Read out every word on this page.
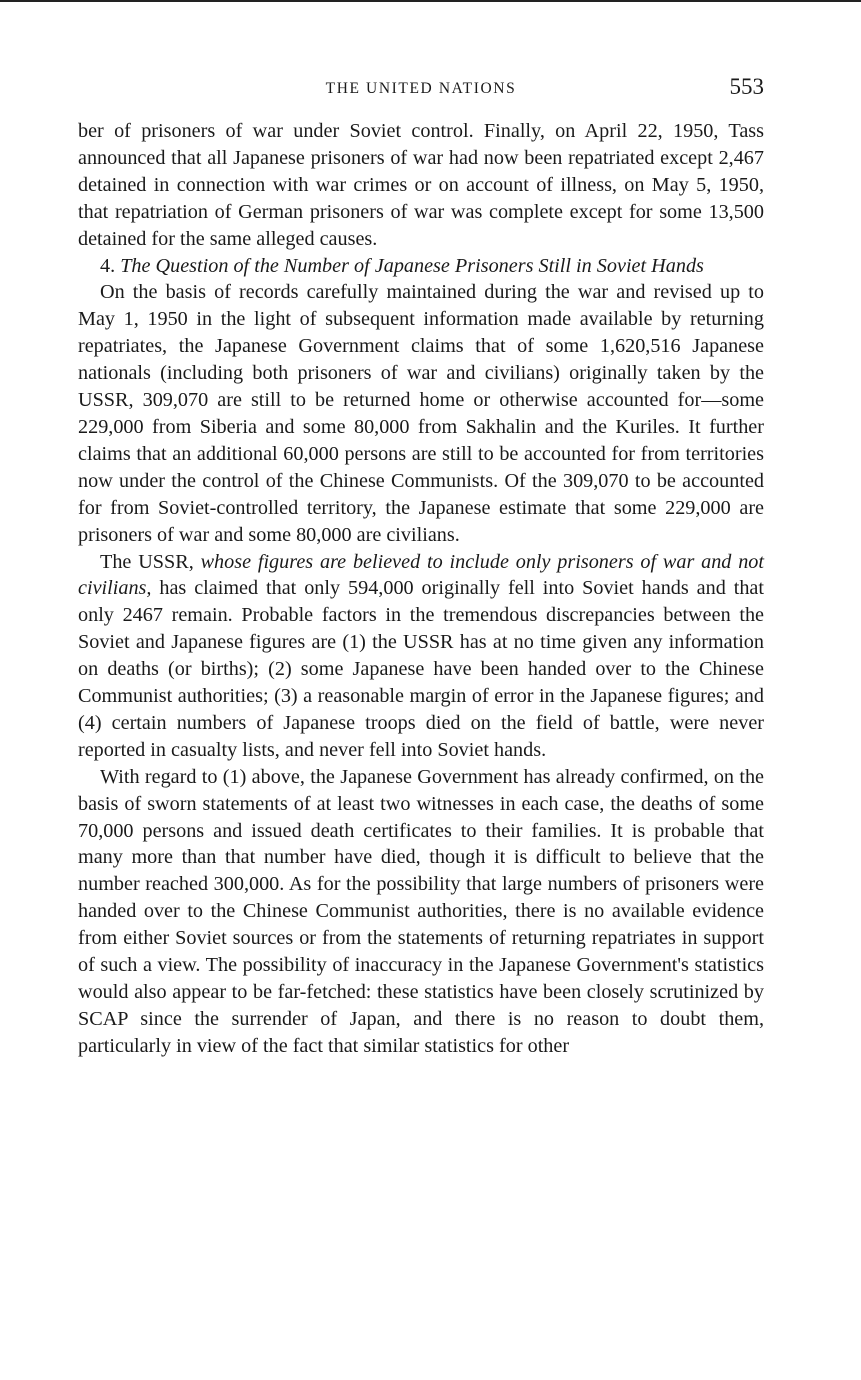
THE UNITED NATIONS	553

ber of prisoners of war under Soviet control. Finally, on April 22, 1950, Tass announced that all Japanese prisoners of war had now been repatriated except 2,467 detained in connection with war crimes or on account of illness, on May 5, 1950, that repatriation of German prisoners of war was complete except for some 13,500 detained for the same alleged causes.

4. The Question of the Number of Japanese Prisoners Still in Soviet Hands

On the basis of records carefully maintained during the war and revised up to May 1, 1950 in the light of subsequent information made available by returning repatriates, the Japanese Government claims that of some 1,620,516 Japanese nationals (including both prisoners of war and civilians) originally taken by the USSR, 309,070 are still to be returned home or otherwise accounted for—some 229,000 from Siberia and some 80,000 from Sakhalin and the Kuriles. It further claims that an additional 60,000 persons are still to be accounted for from territories now under the control of the Chinese Communists. Of the 309,070 to be accounted for from Soviet-controlled territory, the Japanese estimate that some 229,000 are prisoners of war and some 80,000 are civilians.

The USSR, whose figures are believed to include only prisoners of war and not civilians, has claimed that only 594,000 originally fell into Soviet hands and that only 2467 remain. Probable factors in the tremendous discrepancies between the Soviet and Japanese figures are (1) the USSR has at no time given any information on deaths (or births); (2) some Japanese have been handed over to the Chinese Communist authorities; (3) a reasonable margin of error in the Japanese figures; and (4) certain numbers of Japanese troops died on the field of battle, were never reported in casualty lists, and never fell into Soviet hands.

With regard to (1) above, the Japanese Government has already confirmed, on the basis of sworn statements of at least two witnesses in each case, the deaths of some 70,000 persons and issued death certificates to their families. It is probable that many more than that number have died, though it is difficult to believe that the number reached 300,000. As for the possibility that large numbers of prisoners were handed over to the Chinese Communist authorities, there is no available evidence from either Soviet sources or from the statements of returning repatriates in support of such a view. The possibility of inaccuracy in the Japanese Government's statistics would also appear to be far-fetched: these statistics have been closely scrutinized by SCAP since the surrender of Japan, and there is no reason to doubt them, particularly in view of the fact that similar statistics for other
